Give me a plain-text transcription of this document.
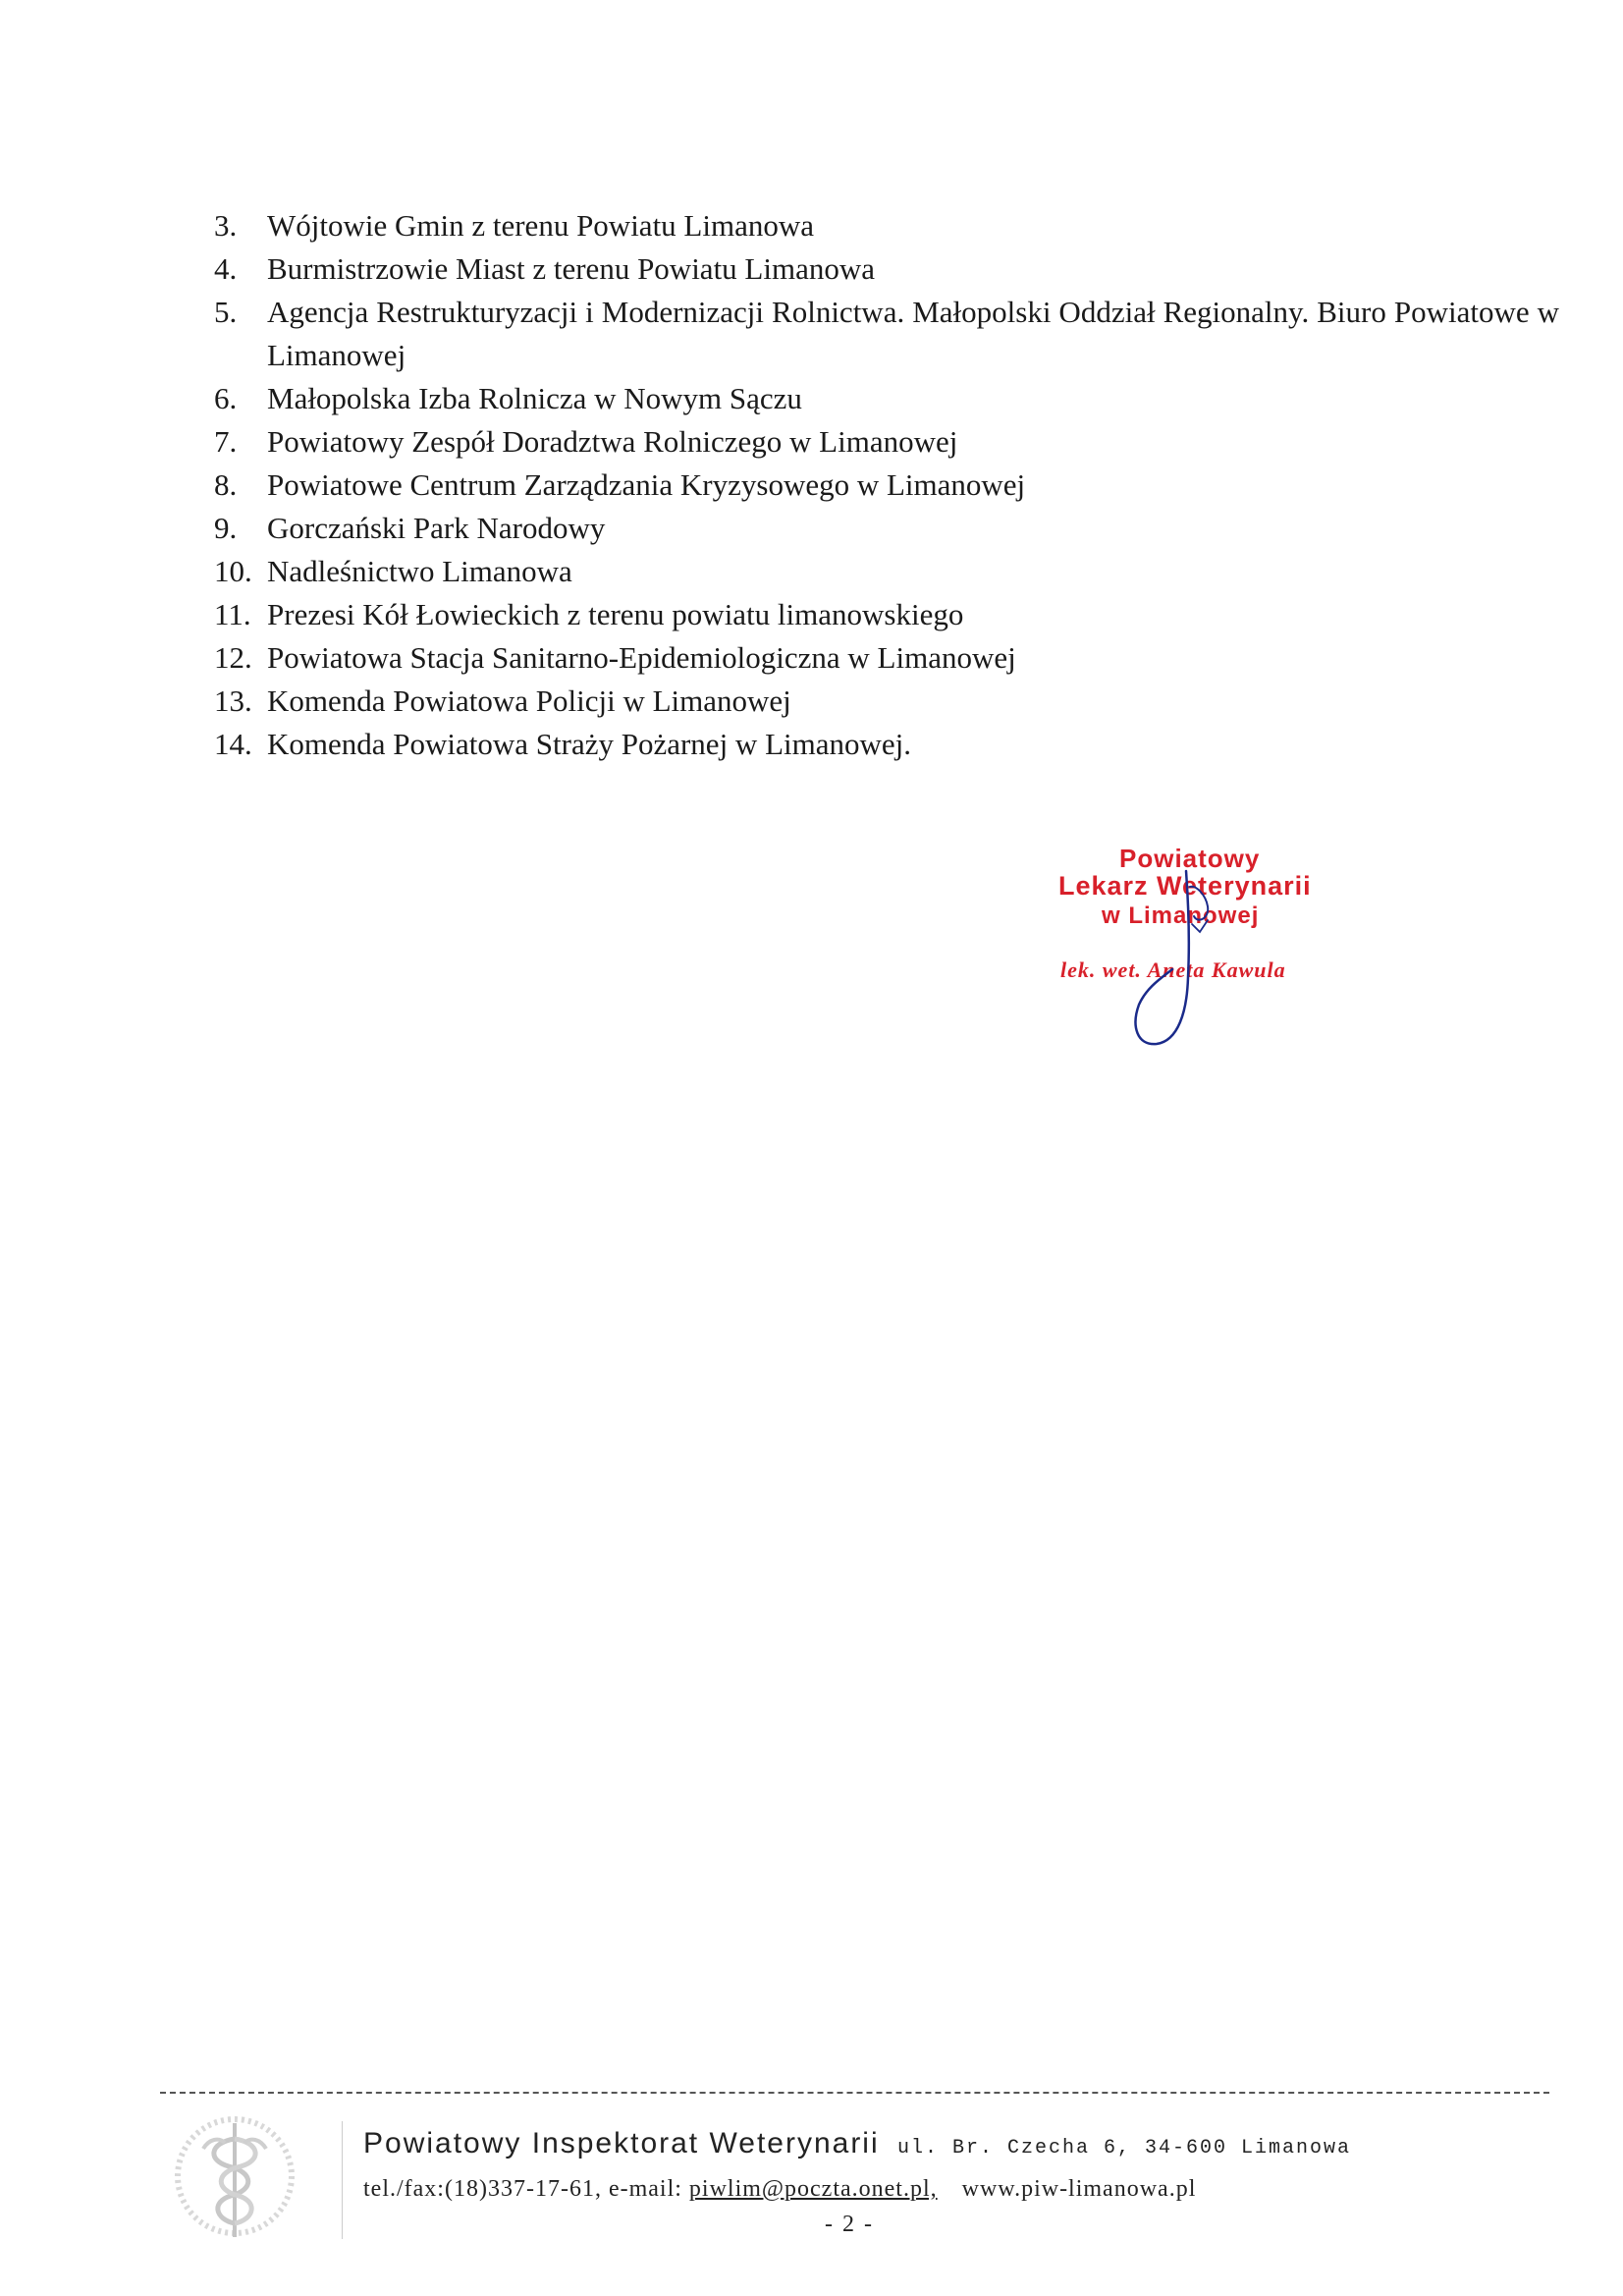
3. Wójtowie Gmin z terenu Powiatu Limanowa
4. Burmistrzowie Miast z terenu Powiatu Limanowa
5. Agencja Restrukturyzacji i Modernizacji Rolnictwa. Małopolski Oddział Regionalny. Biuro Powiatowe w Limanowej
6. Małopolska Izba Rolnicza w Nowym Sączu
7. Powiatowy Zespół Doradztwa Rolniczego w Limanowej
8. Powiatowe Centrum Zarządzania Kryzysowego w Limanowej
9. Gorczański Park Narodowy
10. Nadleśnictwo Limanowa
11. Prezesi Kół Łowieckich z terenu powiatu limanowskiego
12. Powiatowa Stacja Sanitarno-Epidemiologiczna w Limanowej
13. Komenda Powiatowa Policji w Limanowej
14. Komenda Powiatowa Straży Pożarnej w Limanowej.
Powiatowy
Lekarz Weterynarii
w Limanowej
lek. wet. Aneta Kawula
Powiatowy Inspektorat Weterynarii ul. Br. Czecha 6, 34-600 Limanowa
tel./fax:(18)337-17-61, e-mail: piwlim@poczta.onet.pl, www.piw-limanowa.pl
- 2 -
